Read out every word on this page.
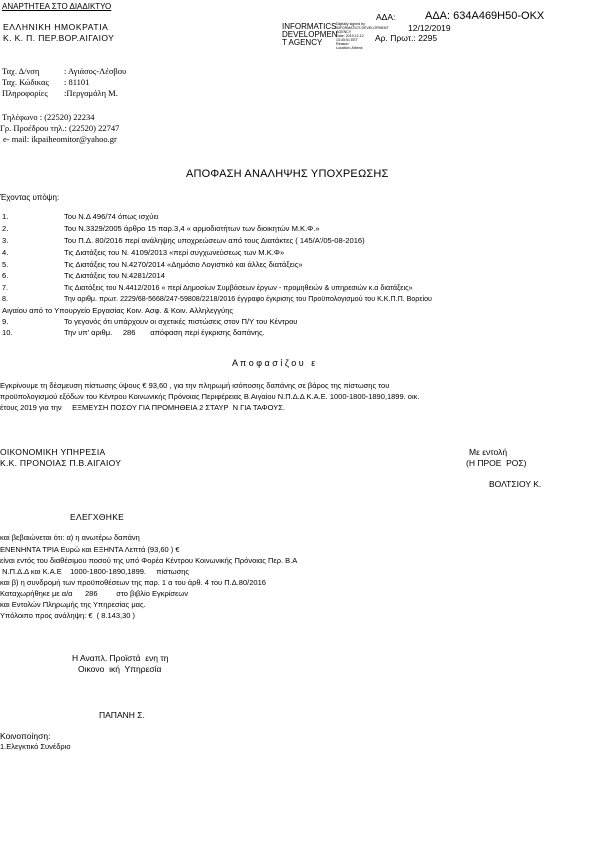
ΑΝΑΡΤΗΤΕΑ ΣΤΟ ΔΙΑΔΙΚΤΥΟ
ΕΛΛΗΝΙΚΗ ΗΜΟΚΡΑΤΙΑ
Κ. Κ. Π. ΠΕΡ.ΒΟΡ.ΑΙΓΑΙΟΥ
ΑΔΑ:	ΑΔΑ: 634Α469Η50-ΟΚΧ
INFORMATICS
DEVELOPMEN
T AGENCY
Digitally signed by
INFORMATICS DEVELOPMENT
AGENCY
Date: 2019.12.12
13:35:51 EET
Reason:
Location: Athens
12/12/2019
Αρ. Πρωτ.: 2295
Ταχ. Δ/νση	: Αγιάσος-Λέσβου
Ταχ. Κώδικας : 81101
Πληροφορίες :Περγαμάλη Μ.
Τηλέφωνο : (22520) 22234
Γρ. Προέδρου τηλ.: (22520) 22747
e- mail: ikpaiheomitor@yahoo.gr
ΑΠΟΦΑΣΗ ΑΝΑΛΗΨΗΣ ΥΠΟΧΡΕΩΣΗΣ
Έχοντας υπόψη:
1.	Του Ν.Δ 496/74 όπως ισχύει
2.	Του Ν.3329/2005 άρθρο 15 παρ.3,4 « αρμοδιοτήτων των διοικητών Μ.Κ.Φ.»
3.	Του Π.Δ. 80/2016 περί ανάληψης υποχρεώσεων από τους Διατάκτες ( 145/Α'/05-08-2016)
4.	Τις Διατάξεις του Ν. 4109/2013 «περί συγχωνεύσεως των Μ.Κ.Φ»
5.	Τις Διατάξεις του Ν.4270/2014 «Δημόσιο Λογιστικό και άλλες διατάξεις»
6.	Τις Διατάξεις του Ν.4281/2014
7.	Τις Διατάξεις του Ν.4412/2016 « περί Δημοσίων Συμβάσεων έργων - προμηθειών & υπηρεσιών κ.α διατάξεις»
8.	Την αριθμ. πρωτ. 2229/68-5668/247-59808/2218/2016 έγγραφο έγκρισης του Προϋπολογισμού του Κ.Κ.Π.Π. Βορείου
Αιγαίου από το Υπουργείο Εργασίας Κοιν. Ασφ. & Κοιν. Αλληλεγγύης
9.	Το γεγονός ότι υπάρχουν οι σχετικές πιστώσεις στον Π/Υ του Κέντρου
10.	Την υπ' αριθμ.     286       απόφαση περί έγκρισης δαπάνης.
Α π ο φ α σ ί ζ ο υ   ε
Εγκρίνουμε τη δέσμευση πίστωσης ύψους € 93,60 , για την πληρωμή ισόποσης δαπάνης σε βάρος της πίστωσης του
προϋπολογισμού εξόδων του Κέντρου Κοινωνικής Πρόνοιας Περιφέρειας Β.Αιγαίου Ν.Π.Δ.Δ Κ.Α.Ε. 1000-1800-1890,1899. οικ.
έτους 2019 για την     ΕΞΜΕΥΣΗ ΠΟΣΟΥ ΓΙΑ ΠΡΟΜΗΘΕΙΑ 2 ΣΤΑΥΡ  Ν ΓΙΑ ΤΑΦΟΥΣ.
ΟΙΚΟΝΟΜΙΚΗ ΥΠΗΡΕΣΙΑ
Κ.Κ. ΠΡΟΝΟΙΑΣ Π.Β.ΑΙΓΑΙΟΥ
Με εντολή
(Η ΠΡΟΕ  ΡΟΣ)
ΒΟΛΤΣΙΟΥ Κ.
ΕΛΕΓΧΘΗΚΕ
και βεβαιώνεται ότι: α) η ανωτέρω δαπάνη
ΕΝΕΝΗΝΤΑ ΤΡΙΑ Ευρώ και ΕΞΗΝΤΑ Λεπτά (93,60 ) €
είναι εντός του διαθέσιμου ποσού της υπό Φορέα Κέντρου Κοινωνικής Πρόνοιας Περ. Β.Α
Ν.Π.Δ.Δ και Κ.Α.Ε    1000-1800-1890,1899.     πίστωσης
και β) η συνδρομή των προϋποθέσεων της παρ. 1 α του άρθ. 4 του Π.Δ.80/2016
Καταχωρήθηκε με α/α      286         στο βιβλίο Εγκρίσεων
και Εντολών Πληρωμής της Υπηρεσίας μας.
Υπόλοιπο προς ανάληψη: €  ( 8.143,30 )
Η Αναπλ. Προϊστά  ενη τη
Οικονο  ική  Υπηρεσία
ΠΑΠΑΝΗ Σ.
Κοινοποίηση:
1.Ελεγκτικό Συνέδριο
